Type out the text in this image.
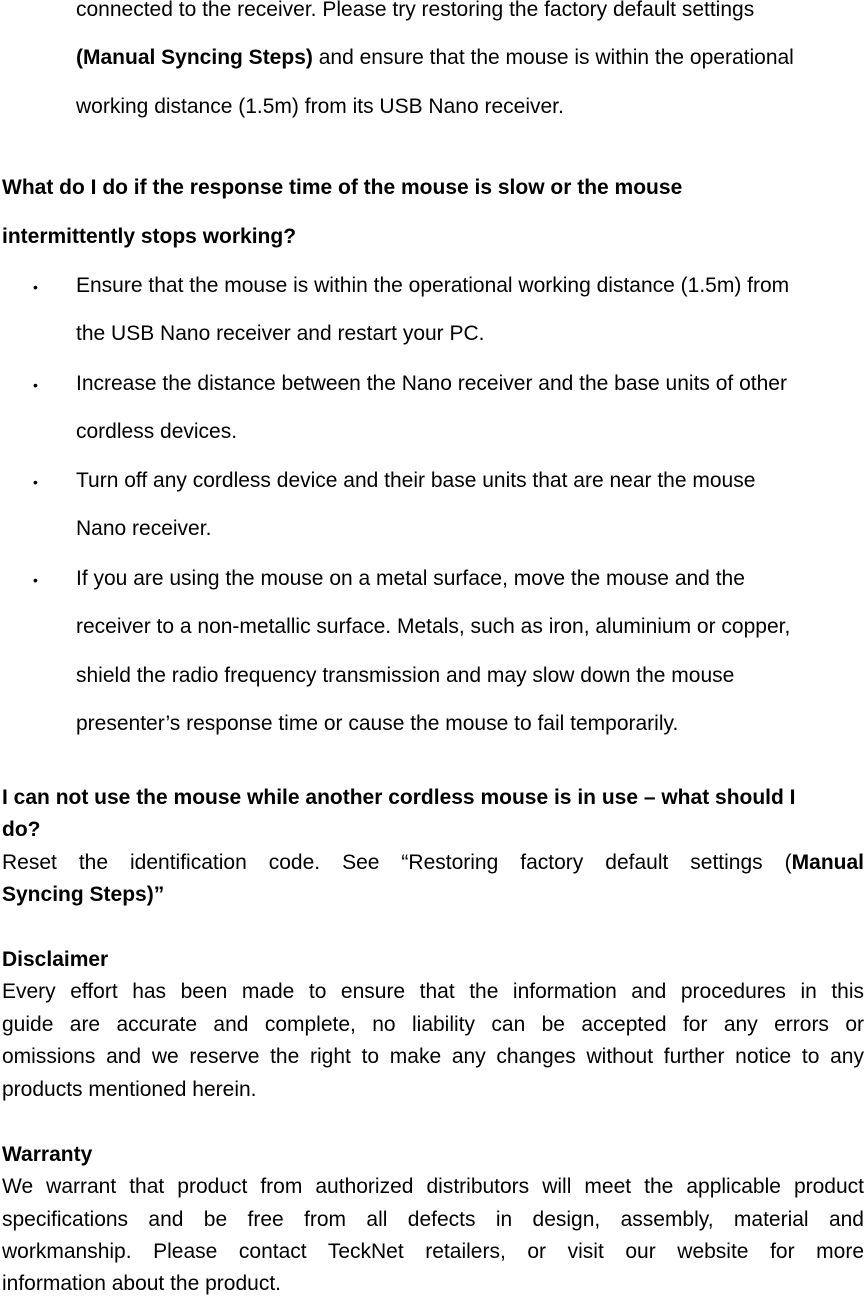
connected to the receiver. Please try restoring the factory default settings
(Manual Syncing Steps) and ensure that the mouse is within the operational
working distance (1.5m) from its USB Nano receiver.
What do I do if the response time of the mouse is slow or the mouse
intermittently stops working?
•	Ensure that the mouse is within the operational working distance (1.5m) from
the USB Nano receiver and restart your PC.
•	Increase the distance between the Nano receiver and the base units of other
cordless devices.
•	Turn off any cordless device and their base units that are near the mouse
Nano receiver.
•	If you are using the mouse on a metal surface, move the mouse and the
receiver to a non-metallic surface. Metals, such as iron, aluminium or copper,
shield the radio frequency transmission and may slow down the mouse
presenter’s response time or cause the mouse to fail temporarily.
I can not use the mouse while another cordless mouse is in use – what should I
do?
Reset the identification code. See “Restoring factory default settings (Manual
Syncing Steps)”
Disclaimer
Every effort has been made to ensure that the information and procedures in this
guide are accurate and complete, no liability can be accepted for any errors or
omissions and we reserve the right to make any changes without further notice to any
products mentioned herein.
Warranty
We warrant that product from authorized distributors will meet the applicable product
specifications and be free from all defects in design, assembly, material and
workmanship. Please contact TeckNet retailers, or visit our website for more
information about the product.
